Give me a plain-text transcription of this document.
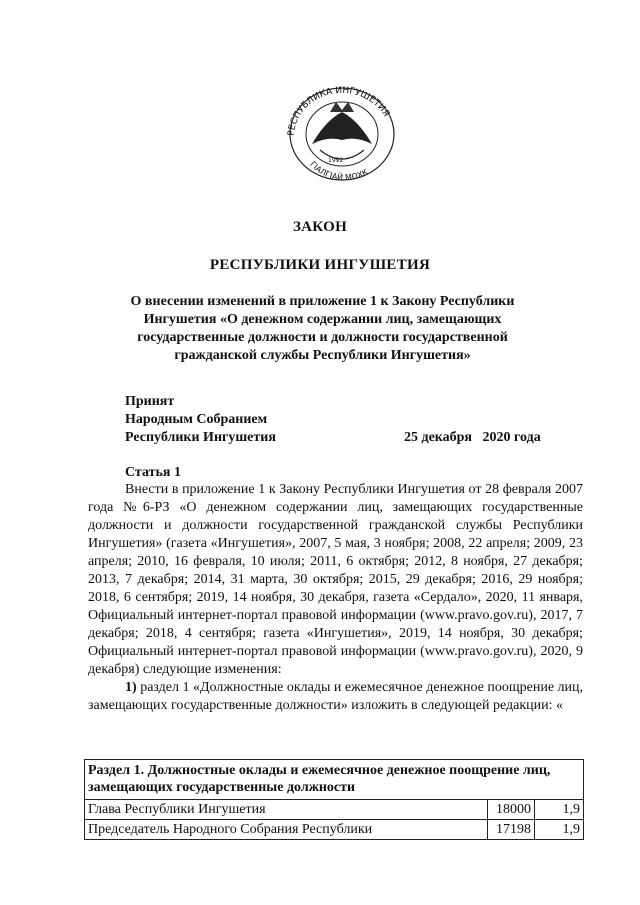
РЕСПУБЛИКА ИНГУШЕТИЯ
ГІАЛГІАЙ МОХК
1992
ЗАКОН
РЕСПУБЛИКИ ИНГУШЕТИЯ
О внесении изменений в приложение 1 к Закону Республики
Ингушетия «О денежном содержании лиц, замещающих
государственные должности и должности государственной
гражданской службы Республики Ингушетия»
Принят
Народным Собранием
Республики Ингушетия	25 декабря   2020 года
Статья 1

Внести в приложение 1 к Закону Республики Ингушетия от 28 февраля 2007 года №6-РЗ «О денежном содержании лиц, замещающих государственные должности и должности государственной гражданской службы Республики Ингушетия» (газета «Ингушетия», 2007, 5 мая, 3 ноября; 2008, 22 апреля; 2009, 23 апреля; 2010, 16 февраля, 10 июля; 2011, 6 октября; 2012, 8 ноября, 27 декабря; 2013, 7 декабря; 2014, 31 марта, 30 октября; 2015, 29 декабря; 2016, 29 ноября; 2018, 6 сентября; 2019, 14 ноября, 30 декабря, газета «Сердало», 2020, 11 января, Официальный интернет-портал правовой информации (www.pravo.gov.ru), 2017, 7 декабря; 2018, 4 сентября; газета «Ингушетия», 2019, 14 ноября, 30 декабря; Официальный интернет-портал правовой информации (www.pravo.gov.ru), 2020, 9 декабря) следующие изменения:

1) раздел 1 «Должностные оклады и ежемесячное денежное поощрение лиц, замещающих государственные должности» изложить в следующей редакции: «

Раздел 1. Должностные оклады и ежемесячное денежное поощрение лиц, замещающих государственные должности		
Глава Республики Ингушетия	18000	1,9
Председатель Народного Собрания Республики	17198	1,9
